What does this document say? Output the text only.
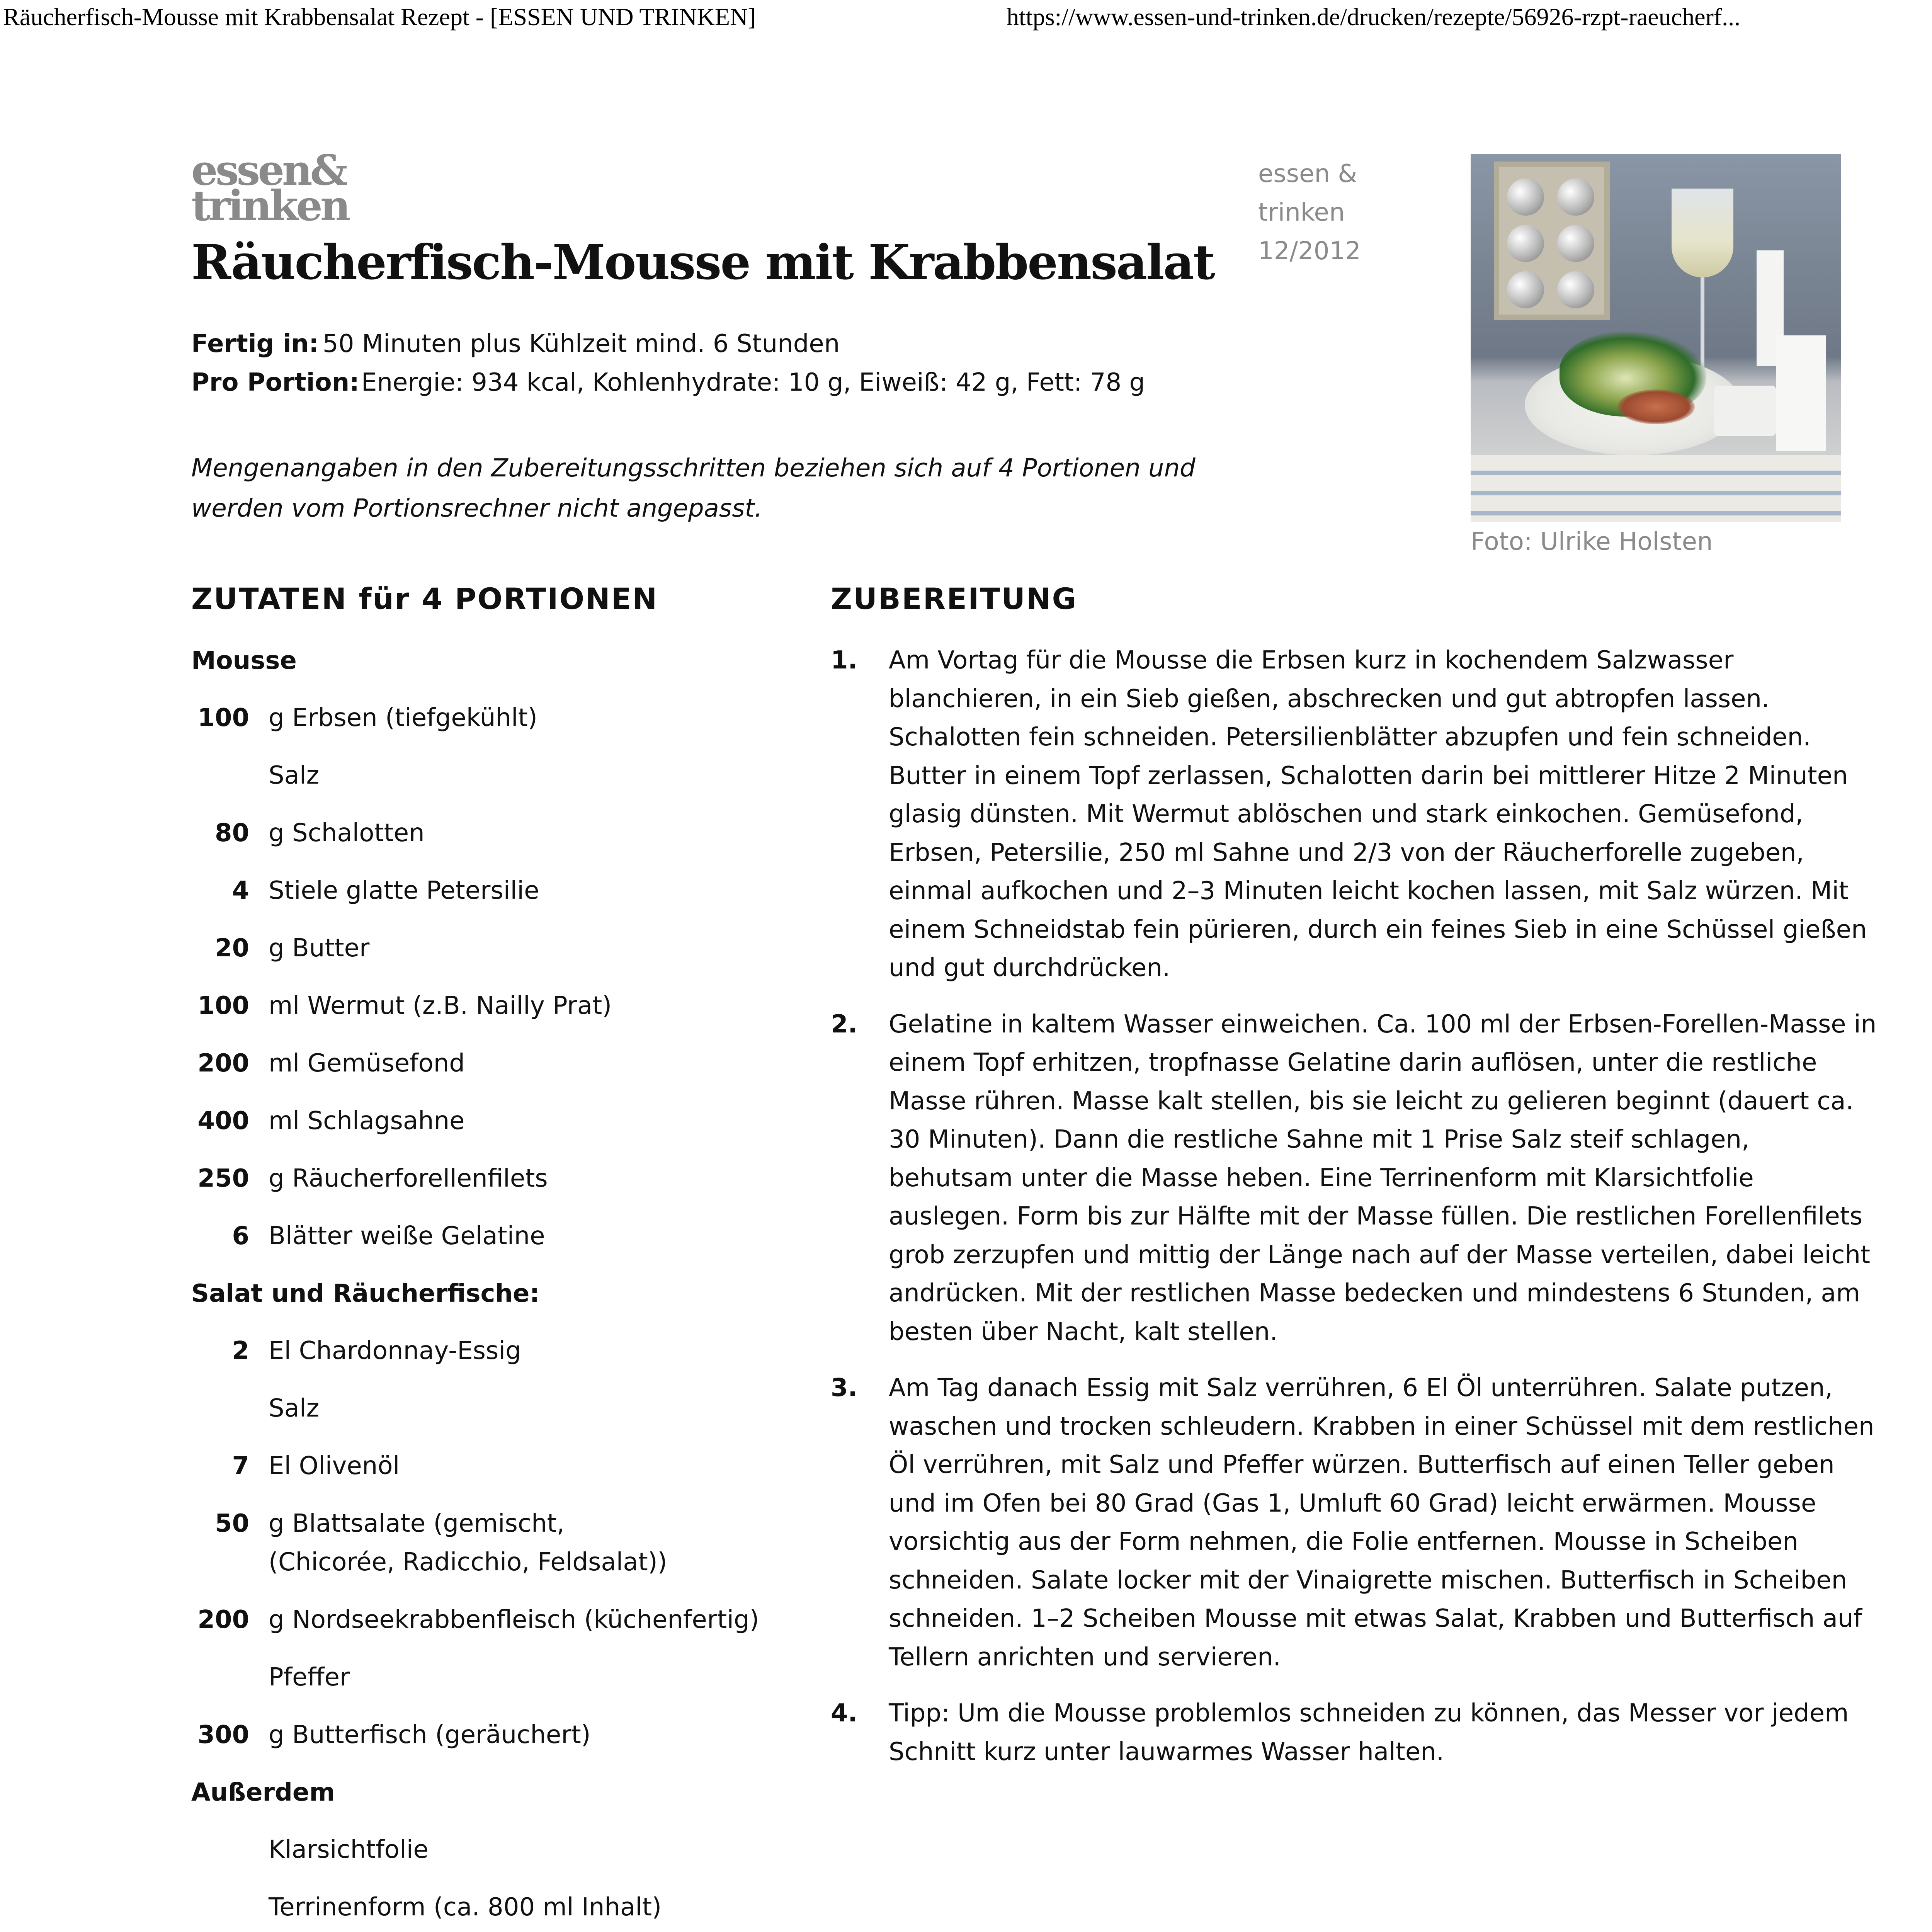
Räucherfisch-Mousse mit Krabbensalat Rezept - [ESSEN UND TRINKEN]	https://www.essen-und-trinken.de/drucken/rezepte/56926-rzpt-raeucherf...
essen&
trinken
Räucherfisch-Mousse mit Krabbensalat
essen &
trinken
12/2012
Foto: Ulrike Holsten
Fertig in: 50 Minuten plus Kühlzeit mind. 6 Stunden
Pro Portion:Energie: 934 kcal, Kohlenhydrate: 10 g, Eiweiß: 42 g, Fett: 78 g

Mengenangaben in den Zubereitungsschritten beziehen sich auf 4 Portionen und werden vom Portionsrechner nicht angepasst.

ZUTATEN für 4 PORTIONEN	ZUBEREITUNG
Mousse
100 g Erbsen (tiefgekühlt)
Salz
80 g Schalotten
4 Stiele glatte Petersilie
20 g Butter
100 ml Wermut (z.B. Nailly Prat)
200 ml Gemüsefond
400 ml Schlagsahne
250 g Räucherforellenfilets
6 Blätter weiße Gelatine
Salat und Räucherfische:
2 El Chardonnay-Essig
Salz
7 El Olivenöl
50 g Blattsalate (gemischt, (Chicorée, Radicchio, Feldsalat))
200 g Nordseekrabbenfleisch (küchenfertig)
Pfeffer
300 g Butterfisch (geräuchert)
Außerdem
Klarsichtfolie
Terrinenform (ca. 800 ml Inhalt)
1. Am Vortag für die Mousse die Erbsen kurz in kochendem Salzwasser blanchieren, in ein Sieb gießen, abschrecken und gut abtropfen lassen. Schalotten fein schneiden. Petersilienblätter abzupfen und fein schneiden. Butter in einem Topf zerlassen, Schalotten darin bei mittlerer Hitze 2 Minuten glasig dünsten. Mit Wermut ablöschen und stark einkochen. Gemüsefond, Erbsen, Petersilie, 250 ml Sahne und 2/3 von der Räucherforelle zugeben, einmal aufkochen und 2–3 Minuten leicht kochen lassen, mit Salz würzen. Mit einem Schneidstab fein pürieren, durch ein feines Sieb in eine Schüssel gießen und gut durchdrücken.
2. Gelatine in kaltem Wasser einweichen. Ca. 100 ml der Erbsen-Forellen-Masse in einem Topf erhitzen, tropfnasse Gelatine darin auflösen, unter die restliche Masse rühren. Masse kalt stellen, bis sie leicht zu gelieren beginnt (dauert ca. 30 Minuten). Dann die restliche Sahne mit 1 Prise Salz steif schlagen, behutsam unter die Masse heben. Eine Terrinenform mit Klarsichtfolie auslegen. Form bis zur Hälfte mit der Masse füllen. Die restlichen Forellenfilets grob zerzupfen und mittig der Länge nach auf der Masse verteilen, dabei leicht andrücken. Mit der restlichen Masse bedecken und mindestens 6 Stunden, am besten über Nacht, kalt stellen.
3. Am Tag danach Essig mit Salz verrühren, 6 El Öl unterrühren. Salate putzen, waschen und trocken schleudern. Krabben in einer Schüssel mit dem restlichen Öl verrühren, mit Salz und Pfeffer würzen. Butterfisch auf einen Teller geben und im Ofen bei 80 Grad (Gas 1, Umluft 60 Grad) leicht erwärmen. Mousse vorsichtig aus der Form nehmen, die Folie entfernen. Mousse in Scheiben schneiden. Salate locker mit der Vinaigrette mischen. Butterfisch in Scheiben schneiden. 1–2 Scheiben Mousse mit etwas Salat, Krabben und Butterfisch auf Tellern anrichten und servieren.
4. Tipp: Um die Mousse problemlos schneiden zu können, das Messer vor jedem Schnitt kurz unter lauwarmes Wasser halten.
